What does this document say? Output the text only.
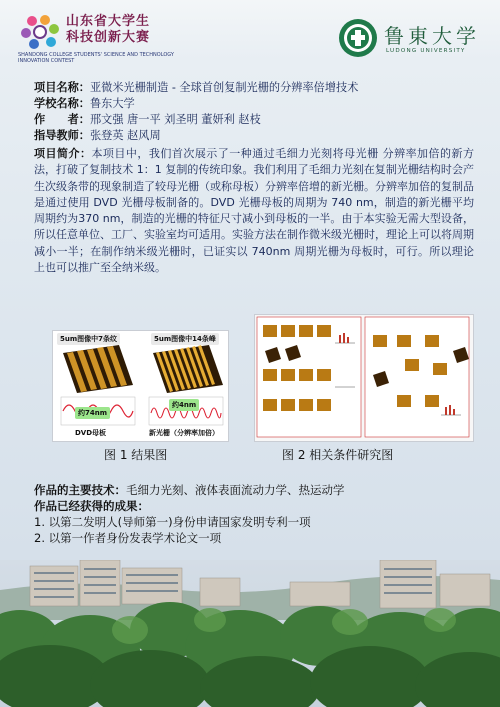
山东省大学生
科技创新大赛
SHANDONG COLLEGE STUDENTS' SCIENCE AND TECHNOLOGY INNOVATION CONTEST
鲁東大学
LUDONG UNIVERSITY
项目名称：亚微米光栅制造 - 全球首创复制光栅的分辨率倍增技术
学校名称：鲁东大学
作　　者：邢文强 唐一平 刘圣明 董妍利 赵枝
指导教师：张登英 赵风周
项目简介：本项目中，我们首次展示了一种通过毛细力光刻将母光栅 分辨率加倍的新方法，打破了复制技术 1：1 复制的传统印象。我们利用了毛细力光刻在复制光栅结构时会产生次级条带的现象制造了较母光栅（或称母板）分辨率倍增的新光栅。分辨率加倍的复制品是通过使用 DVD 光栅母板制备的。DVD 光栅母板的周期为 740 nm，制造的新光栅平均周期约为370 nm，制造的光栅的特征尺寸减小到母板的一半。由于本实验无需大型设备，所以任意单位、工厂、实验室均可适用。实验方法在制作微米级光栅时，理论上可以将周期减小一半；在制作纳米级光栅时，已证实以 740nm 周期光栅为母板时，可行。所以理论上也可以推广至全纳米级。
5um图像中7条纹	5um图像中14条峰
约74nm
约4nm
DVD母板	新光栅（分辨率加倍）
图 1 结果图	图 2 相关条件研究图
作品的主要技术：毛细力光刻、液体表面流动力学、热运动学
作品已经获得的成果：
1. 以第二发明人(导师第一)身份申请国家发明专利一项
2. 以第一作者身份发表学术论文一项
